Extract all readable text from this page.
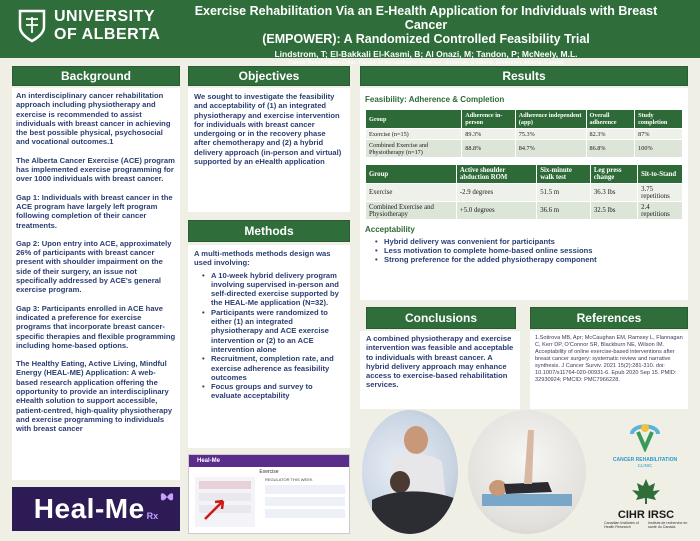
UNIVERSITY
OF ALBERTA
Exercise Rehabilitation Via an E-Health Application for Individuals with Breast Cancer
(EMPOWER): A Randomized Controlled Feasibility Trial
Lindstrom, T; El-Bakkali El-Kasmi, B; Al Onazi, M; Tandon, P; McNeely, M.L.
Cancer Rehabilitation Clinic, Faculty of Rehabilitation Medicine, University of Alberta, Edmonton, Alberta, Canada
Background

An interdisciplinary cancer rehabilitation approach including physiotherapy and exercise is recommended to assist individuals with breast cancer in achieving the best possible physical, psychosocial and vocational outcomes.1

The Alberta Cancer Exercise (ACE) program has implemented exercise programming for over 1000 individuals with breast cancer.

Gap 1: Individuals with breast cancer in the ACE program have largely left program following completion of their cancer treatments.

Gap 2: Upon entry into ACE, approximately 26% of participants with breast cancer present with shoulder impairment on the side of their surgery, an issue not specifically addressed by ACE's general exercise program.

Gap 3: Participants enrolled in ACE have indicated a preference for exercise programs that incorporate breast cancer-specific therapies and flexible programming including home-based options.

The Healthy Eating, Active Living, Mindful Energy (HEAL-ME) Application: A web-based research application offering the opportunity to provide an interdisciplinary eHealth solution to support accessible, patient-centred, high-quality physiotherapy and exercise programming to individuals with breast cancer

Heal-Me Rx
Objectives

We sought to investigate the feasibility and acceptability of (1) an integrated physiotherapy and exercise intervention for individuals with breast cancer undergoing or in the recovery phase after chemotherapy and (2) a hybrid delivery approach (in-person and virtual) supported by an eHealth application

Methods
A multi-methods methods design was used involving:
• A 10-week hybrid delivery program involving supervised in-person and self-directed exercise supported by the HEAL-Me application (N=32).
• Participants were randomized to either (1) an integrated physiotherapy and ACE exercise intervention or (2) to an ACE intervention alone
• Recruitment, completion rate, and exercise adherence as feasibility outcomes
• Focus groups and survey to evaluate acceptability
Heal-Me
Exercise
REGULATOR THIS WEEK
Results
Feasibility: Adherence & Completion
Group	Adherence in-person	Adherence independent (app)	Overall adherence	Study completion
Exercise (n=15)	89.3%	75.3%	82.3%	87%
Combined Exercise and Physiotherapy (n=17)	88.8%	84.7%	86.8%	100%
Group	Active shoulder abduction ROM	Six-minute walk test	Leg press change	Sit-to-Stand
Exercise	-2.9 degrees	51.5 m	36.3 lbs	3.75 repetitions
Combined Exercise and Physiotherapy	+5.0 degrees	36.6 m	32.5 lbs	2.4 repetitions
Acceptability
• Hybrid delivery was convenient for participants
• Less motivation to complete home-based online sessions
• Strong preference for the added physiotherapy component
Conclusions

A combined physiotherapy and exercise intervention was feasible and acceptable to individuals with breast cancer. A hybrid delivery approach may enhance access to exercise-based rehabilitation services.

References

1.Sotirova MB, Apr; McCaughan EM, Ramsey L, Flannagan C, Kerr DP, O'Connor SR, Blackburn NE, Wilson IM. Acceptability of online exercise-based interventions after breast cancer surgery: systematic review and narrative synthesis. J Cancer Surviv. 2021 15(2):281-310. doi: 10.1007/s11764-020-00931-6. Epub 2020 Sep 15. PMID: 32930924; PMCID: PMC7966228.

CANCER REHABILITATION
CLINIC
CIHR IRSC
Canadian Institutes of Health Research
Instituts de recherche en santé du Canada
